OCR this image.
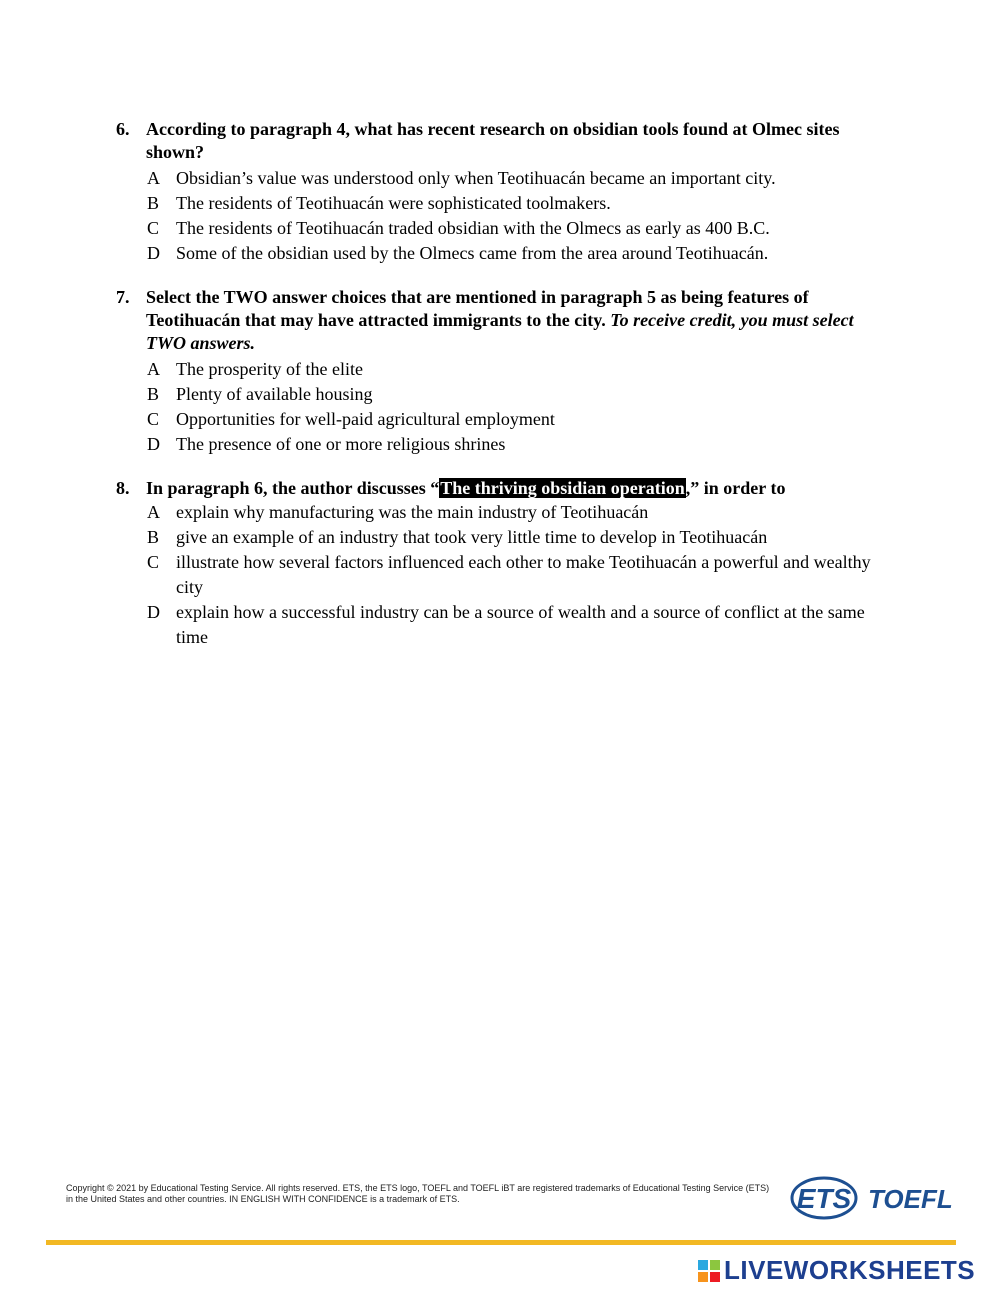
6. According to paragraph 4, what has recent research on obsidian tools found at Olmec sites shown?
A Obsidian’s value was understood only when Teotihuacán became an important city.
B The residents of Teotihuacán were sophisticated toolmakers.
C The residents of Teotihuacán traded obsidian with the Olmecs as early as 400 B.C.
D Some of the obsidian used by the Olmecs came from the area around Teotihuacán.
7. Select the TWO answer choices that are mentioned in paragraph 5 as being features of Teotihuacán that may have attracted immigrants to the city. To receive credit, you must select TWO answers.
A The prosperity of the elite
B Plenty of available housing
C Opportunities for well-paid agricultural employment
D The presence of one or more religious shrines
8. In paragraph 6, the author discusses “The thriving obsidian operation,” in order to
A explain why manufacturing was the main industry of Teotihuacán
B give an example of an industry that took very little time to develop in Teotihuacán
C illustrate how several factors influenced each other to make Teotihuacán a powerful and wealthy city
D explain how a successful industry can be a source of wealth and a source of conflict at the same time
Copyright © 2021 by Educational Testing Service. All rights reserved. ETS, the ETS logo, TOEFL and TOEFL iBT are registered trademarks of Educational Testing Service (ETS) in the United States and other countries. IN ENGLISH WITH CONFIDENCE is a trademark of ETS.	ETS TOEFL
LIVEWORKSHEETS
